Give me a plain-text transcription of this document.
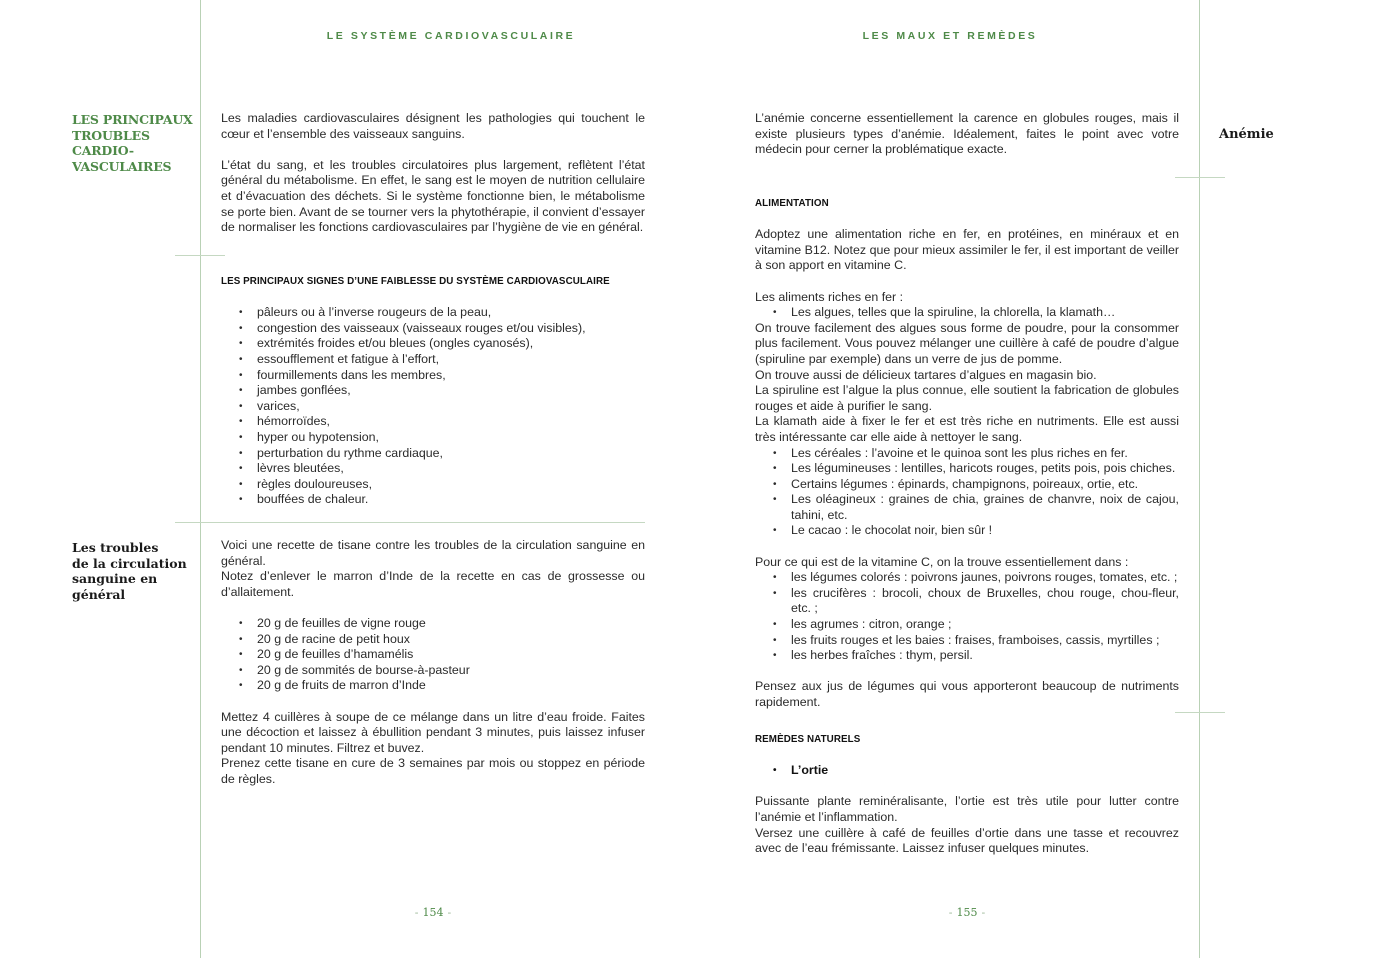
LE SYSTÈME CARDIOVASCULAIRE
LES PRINCIPAUX
TROUBLES CARDIO-
VASCULAIRES

Les maladies cardiovasculaires désignent les pathologies qui touchent le cœur et l’ensemble des vaisseaux sanguins.

L’état du sang, et les troubles circulatoires plus largement, reflètent l’état général du métabolisme. En effet, le sang est le moyen de nutrition cellulaire et d’évacuation des déchets. Si le système fonctionne bien, le métabolisme se porte bien. Avant de se tourner vers la phytothérapie, il convient d’essayer de normaliser les fonctions cardiovasculaires par l’hygiène de vie en général.

LES PRINCIPAUX SIGNES D’UNE FAIBLESSE DU SYSTÈME CARDIOVASCULAIRE

• pâleurs ou à l’inverse rougeurs de la peau,
• congestion des vaisseaux (vaisseaux rouges et/ou visibles),
• extrémités froides et/ou bleues (ongles cyanosés),
• essoufflement et fatigue à l’effort,
• fourmillements dans les membres,
• jambes gonflées,
• varices,
• hémorroïdes,
• hyper ou hypotension,
• perturbation du rythme cardiaque,
• lèvres bleutées,
• règles douloureuses,
• bouffées de chaleur.
Les troubles
de la circulation
sanguine en
général

Voici une recette de tisane contre les troubles de la circulation sanguine en général.

Notez d’enlever le marron d’Inde de la recette en cas de grossesse ou d’allaitement.

• 20 g de feuilles de vigne rouge
• 20 g de racine de petit houx
• 20 g de feuilles d’hamamélis
• 20 g de sommités de bourse-à-pasteur
• 20 g de fruits de marron d’Inde

Mettez 4 cuillères à soupe de ce mélange dans un litre d’eau froide. Faites une décoction et laissez à ébullition pendant 3 minutes, puis laissez infuser pendant 10 minutes. Filtrez et buvez.

Prenez cette tisane en cure de 3 semaines par mois ou stoppez en période de règles.

- 154 -
LES MAUX ET REMÈDES
Anémie

L’anémie concerne essentiellement la carence en globules rouges, mais il existe plusieurs types d’anémie. Idéalement, faites le point avec votre médecin pour cerner la problématique exacte.

ALIMENTATION

Adoptez une alimentation riche en fer, en protéines, en minéraux et en vitamine B12. Notez que pour mieux assimiler le fer, il est important de veiller à son apport en vitamine C.

Les aliments riches en fer :

• Les algues, telles que la spiruline, la chlorella, la klamath…

On trouve facilement des algues sous forme de poudre, pour la consommer plus facilement. Vous pouvez mélanger une cuillère à café de poudre d’algue (spiruline par exemple) dans un verre de jus de pomme.

On trouve aussi de délicieux tartares d’algues en magasin bio.

La spiruline est l’algue la plus connue, elle soutient la fabrication de globules rouges et aide à purifier le sang.

La klamath aide à fixer le fer et est très riche en nutriments. Elle est aussi très intéressante car elle aide à nettoyer le sang.

• Les céréales : l’avoine et le quinoa sont les plus riches en fer.
• Les légumineuses : lentilles, haricots rouges, petits pois, pois chiches.
• Certains légumes : épinards, champignons, poireaux, ortie, etc.
• Les oléagineux : graines de chia, graines de chanvre, noix de cajou, tahini, etc.
• Le cacao : le chocolat noir, bien sûr !

Pour ce qui est de la vitamine C, on la trouve essentiellement dans :

• les légumes colorés : poivrons jaunes, poivrons rouges, tomates, etc. ;
• les crucifères : brocoli, choux de Bruxelles, chou rouge, chou-fleur, etc. ;
• les agrumes : citron, orange ;
• les fruits rouges et les baies : fraises, framboises, cassis, myrtilles ;
• les herbes fraîches : thym, persil.

Pensez aux jus de légumes qui vous apporteront beaucoup de nutriments rapidement.

REMÈDES NATURELS

• L’ortie

Puissante plante reminéralisante, l’ortie est très utile pour lutter contre l’anémie et l’inflammation.

Versez une cuillère à café de feuilles d’ortie dans une tasse et recouvrez avec de l’eau frémissante. Laissez infuser quelques minutes.

- 155 -
